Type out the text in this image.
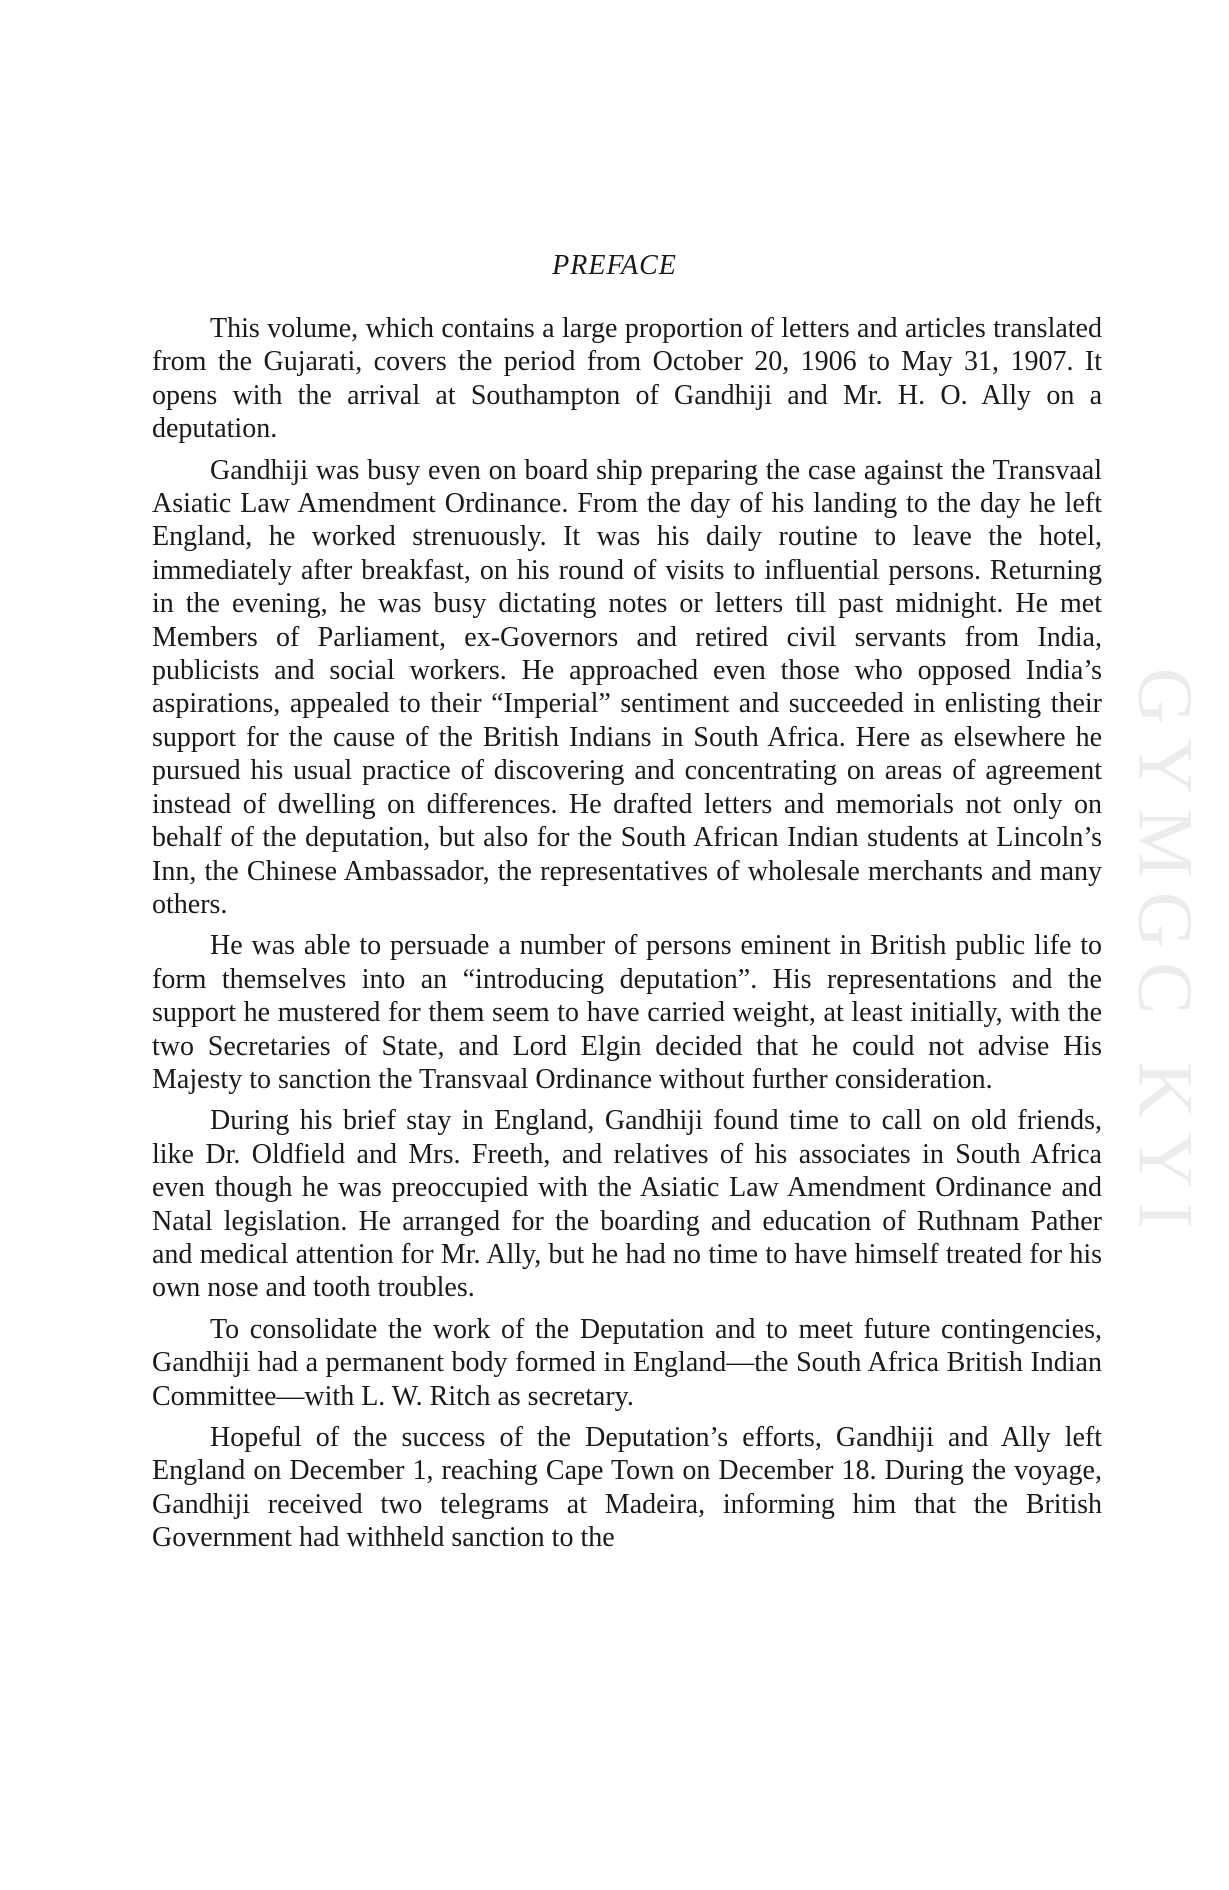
GYMGC KYI
PREFACE

This volume, which contains a large proportion of letters and articles translated from the Gujarati, covers the period from October 20, 1906 to May 31, 1907. It opens with the arrival at Southampton of Gandhiji and Mr. H. O. Ally on a deputation.

Gandhiji was busy even on board ship preparing the case against the Transvaal Asiatic Law Amendment Ordinance. From the day of his landing to the day he left England, he worked strenuously. It was his daily routine to leave the hotel, immediately after breakfast, on his round of visits to influential persons. Returning in the evening, he was busy dictating notes or letters till past midnight. He met Members of Parliament, ex-Governors and retired civil servants from India, publicists and social workers. He approached even those who opposed India’s aspirations, appealed to their “Imperial” sentiment and succeeded in enlisting their support for the cause of the British Indians in South Africa. Here as elsewhere he pursued his usual practice of discovering and concentrating on areas of agreement instead of dwelling on differences. He drafted letters and memorials not only on behalf of the deputation, but also for the South African Indian students at Lincoln’s Inn, the Chinese Ambassador, the representatives of wholesale merchants and many others.

He was able to persuade a number of persons eminent in British public life to form themselves into an “introducing deputation”. His representations and the support he mustered for them seem to have carried weight, at least initially, with the two Secretaries of State, and Lord Elgin decided that he could not advise His Majesty to sanction the Transvaal Ordinance without further consideration.

During his brief stay in England, Gandhiji found time to call on old friends, like Dr. Oldfield and Mrs. Freeth, and relatives of his associates in South Africa even though he was preoccupied with the Asiatic Law Amendment Ordinance and Natal legislation. He arranged for the boarding and education of Ruthnam Pather and medical attention for Mr. Ally, but he had no time to have himself treated for his own nose and tooth troubles.

To consolidate the work of the Deputation and to meet future contingencies, Gandhiji had a permanent body formed in England—the South Africa British Indian Committee—with L. W. Ritch as secretary.

Hopeful of the success of the Deputation’s efforts, Gandhiji and Ally left England on December 1, reaching Cape Town on December 18. During the voyage, Gandhiji received two telegrams at Madeira, informing him that the British Government had withheld sanction to the
